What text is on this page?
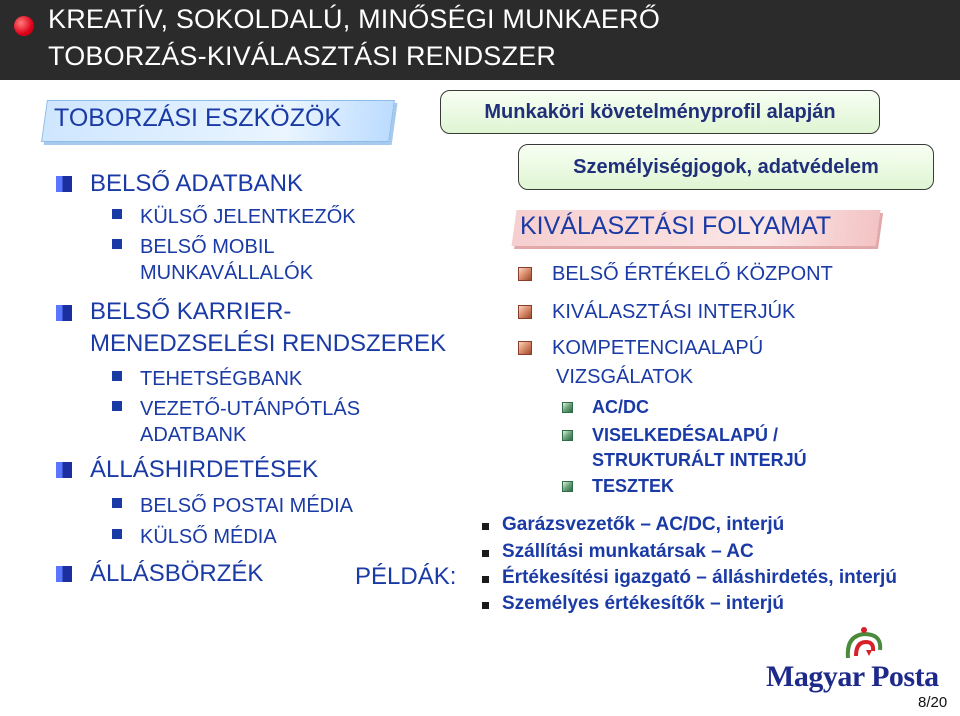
KREATÍV, SOKOLDALÚ, MINŐSÉGI MUNKAERŐ
TOBORZÁS-KIVÁLASZTÁSI RENDSZER
TOBORZÁSI ESZKÖZÖK	Munkaköri követelményprofil alapján
Személyiségjogok, adatvédelem
BELSŐ ADATBANK
KÜLSŐ JELENTKEZŐK
BELSŐ MOBIL
MUNKAVÁLLALÓK
BELSŐ KARRIER-
MENEDZSELÉSI RENDSZEREK
TEHETSÉGBANK
VEZETŐ-UTÁNPÓTLÁS
ADATBANK
ÁLLÁSHIRDETÉSEK
BELSŐ POSTAI MÉDIA
KÜLSŐ MÉDIA
ÁLLÁSBÖRZÉK
KIVÁLASZTÁSI FOLYAMAT
BELSŐ ÉRTÉKELŐ KÖZPONT
KIVÁLASZTÁSI INTERJÚK
KOMPETENCIAALAPÚ
VIZSGÁLATOK
AC/DC
VISELKEDÉSALAPÚ /
STRUKTURÁLT INTERJÚ
TESZTEK
PÉLDÁK:
Garázsvezetők – AC/DC, interjú
Szállítási munkatársak – AC
Értékesítési igazgató – álláshirdetés, interjú
Személyes értékesítők – interjú
Magyar Posta
8/20
